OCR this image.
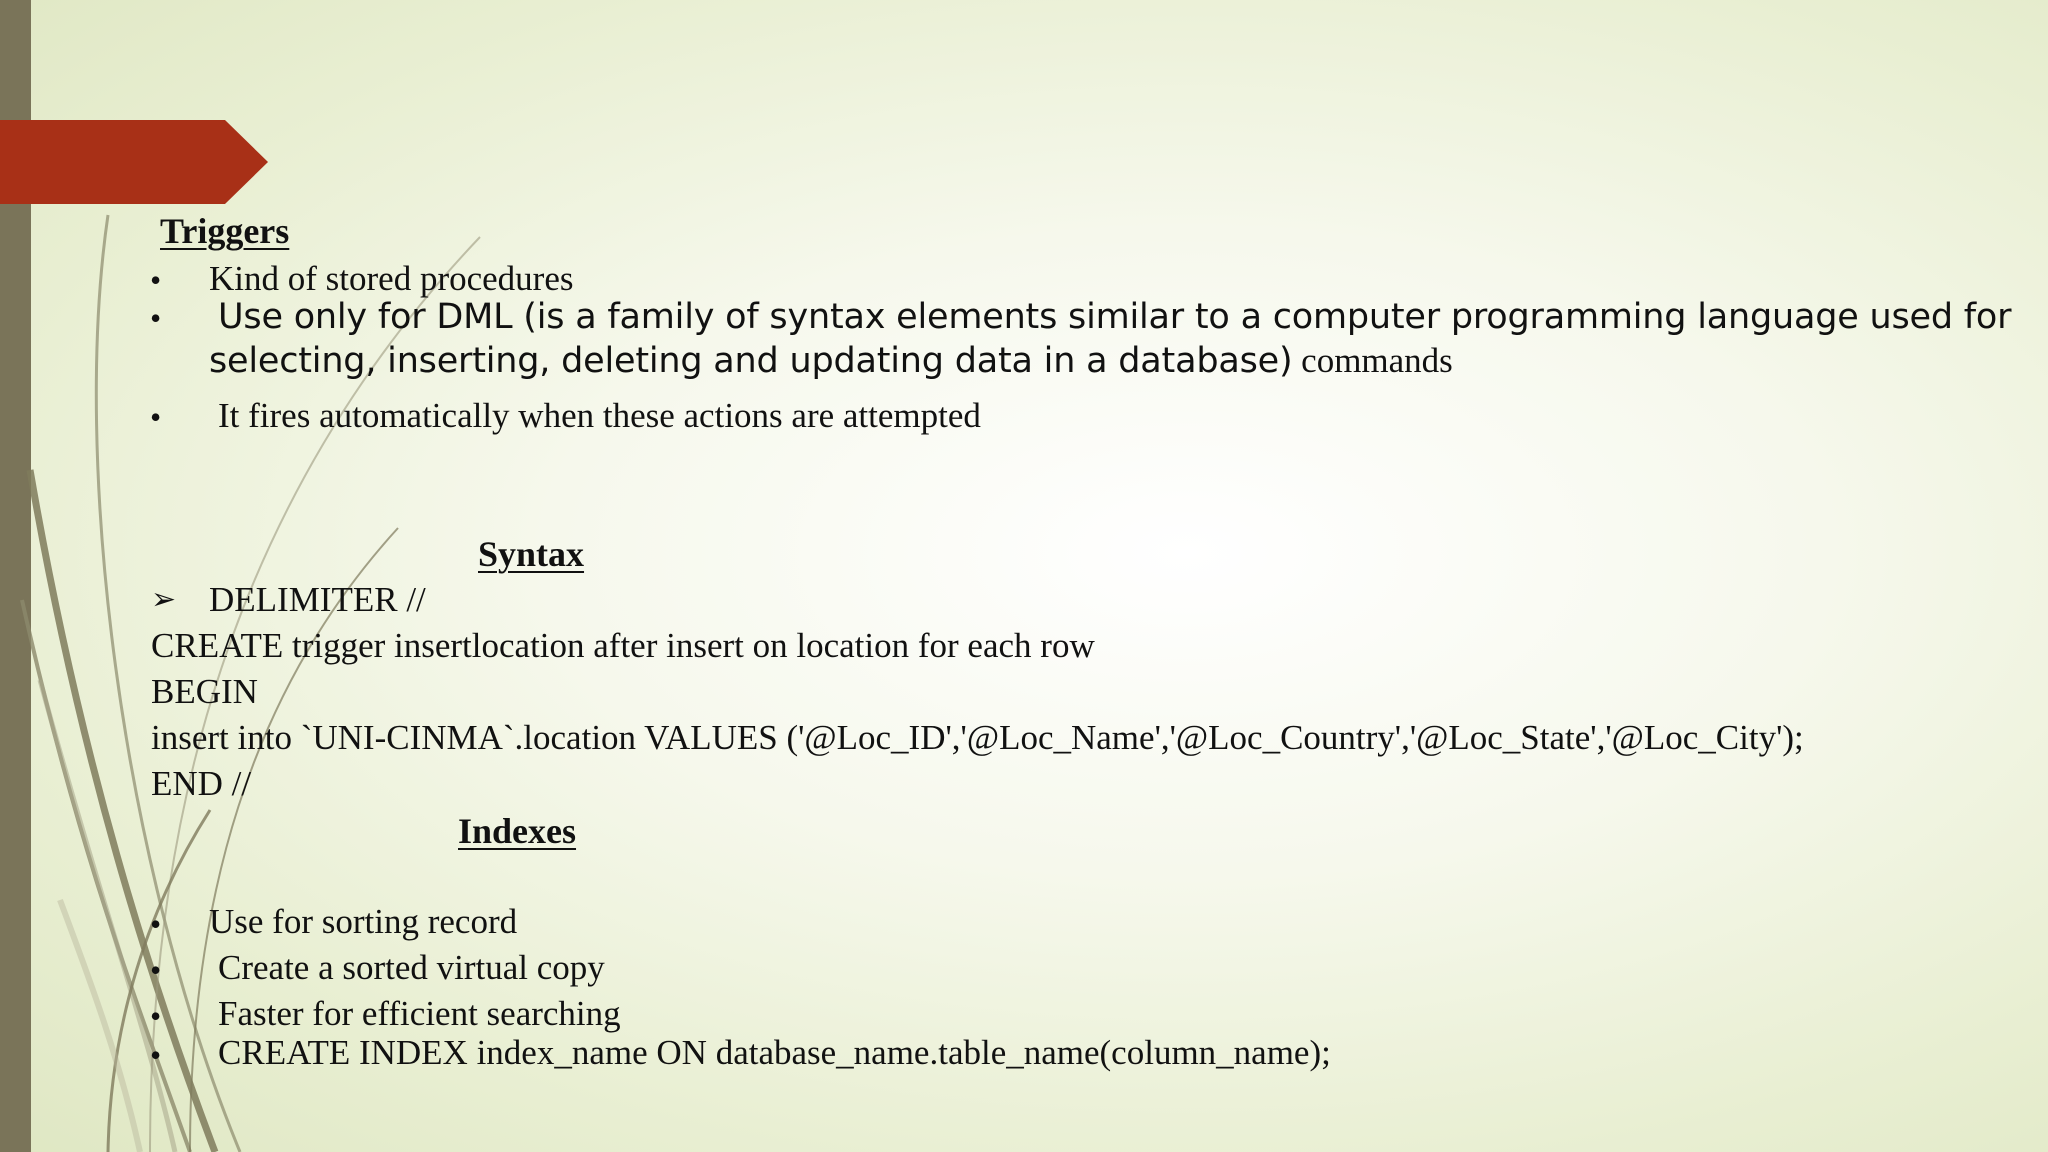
Triggers
• Kind of stored procedures
• Use only for DML (is a family of syntax elements similar to a computer programming language used for
selecting, inserting, deleting and updating data in a database) commands
• It fires automatically when these actions are attempted
Syntax
➢ DELIMITER //
CREATE trigger insertlocation after insert on location for each row
BEGIN
insert into `UNI-CINMA`.location VALUES ('@Loc_ID','@Loc_Name','@Loc_Country','@Loc_State','@Loc_City');
END //
Indexes
• Use for sorting record
• Create a sorted virtual copy
• Faster for efficient searching
• CREATE INDEX index_name ON database_name.table_name(column_name);
